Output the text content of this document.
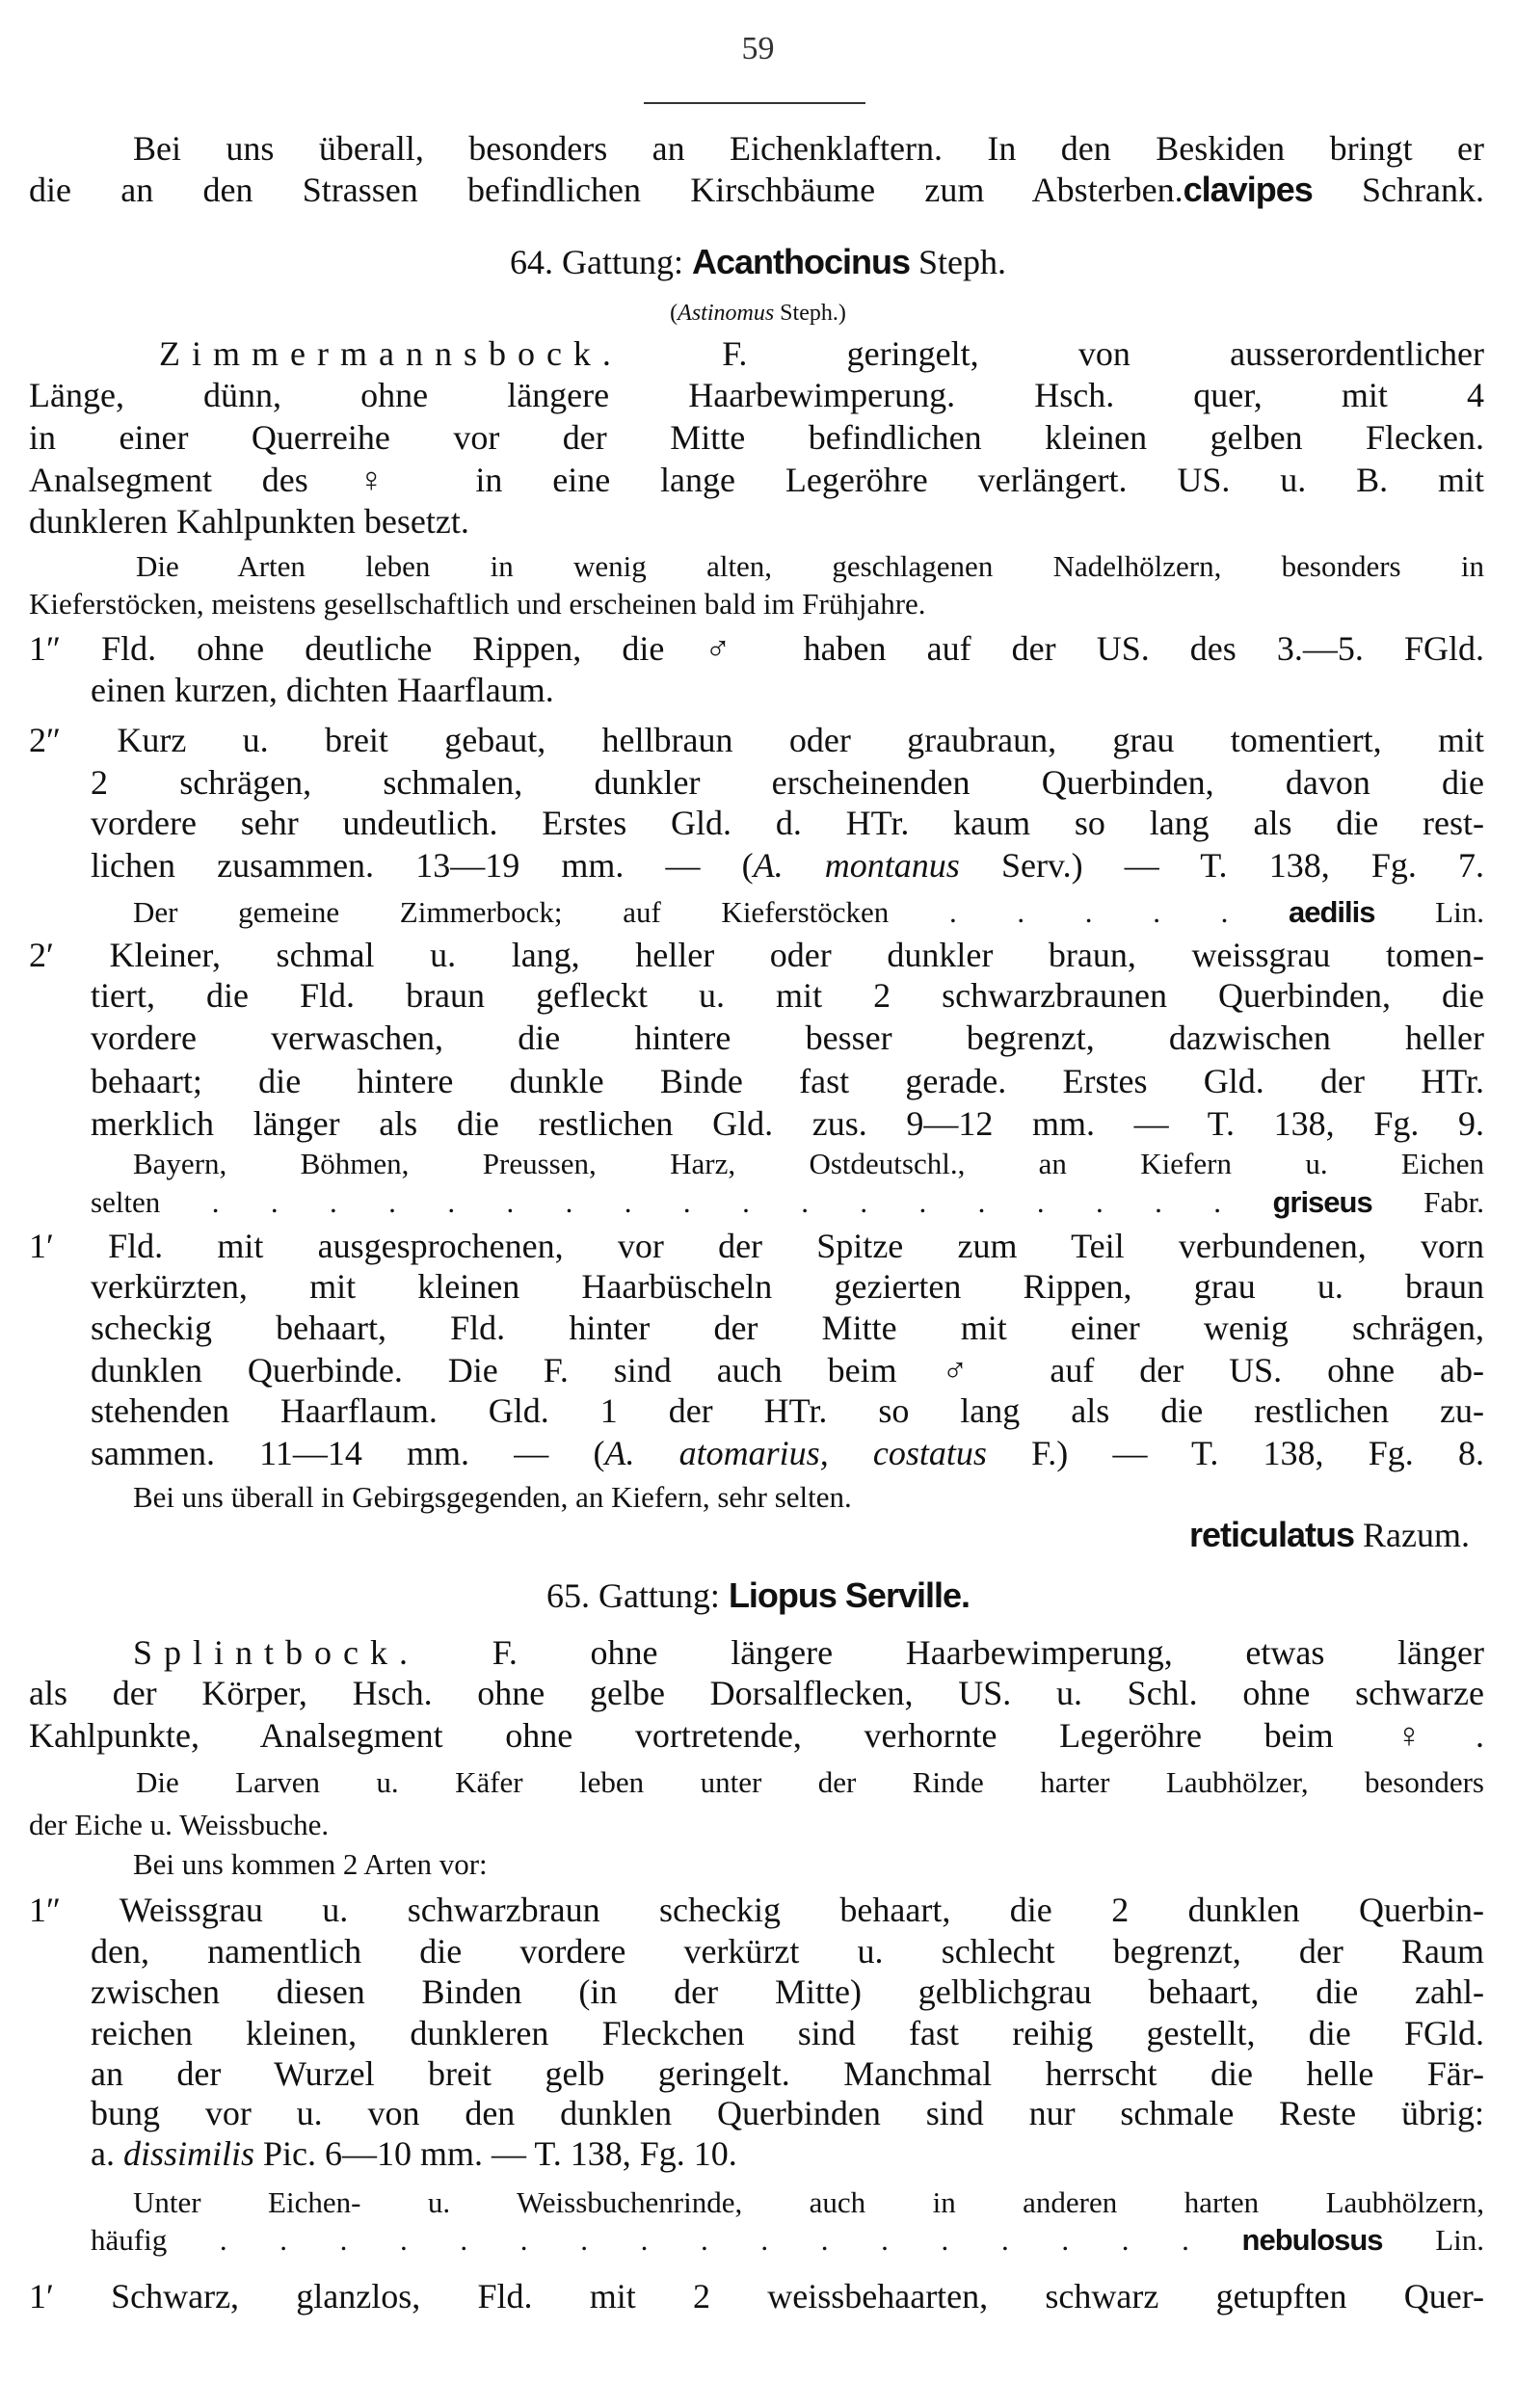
59
Bei uns überall, besonders an Eichenklaftern. In den Beskiden bringt er
die an den Strassen befindlichen Kirschbäume zum Absterben.clavipes Schrank.
64. Gattung: Acanthocinus Steph.
(Astinomus Steph.)
Zimmermannsbock. F. geringelt, von ausserordentlicher
Länge, dünn, ohne längere Haarbewimperung. Hsch. quer, mit 4
in einer Querreihe vor der Mitte befindlichen kleinen gelben Flecken.
Analsegment des ♀ in eine lange Legeröhre verlängert. US. u. B. mit
dunkleren Kahlpunkten besetzt.
Die Arten leben in wenig alten, geschlagenen Nadelhölzern, besonders in
Kieferstöcken, meistens gesellschaftlich und erscheinen bald im Frühjahre.
1″ Fld. ohne deutliche Rippen, die ♂ haben auf der US. des 3.—5. FGld.
einen kurzen, dichten Haarflaum.
2″ Kurz u. breit gebaut, hellbraun oder graubraun, grau tomentiert, mit
2 schrägen, schmalen, dunkler erscheinenden Querbinden, davon die
vordere sehr undeutlich. Erstes Gld. d. HTr. kaum so lang als die rest-
lichen zusammen. 13—19 mm. — (A. montanus Serv.) — T. 138, Fg. 7.
Der gemeine Zimmerbock; auf Kieferstöcken . . . . . aedilis Lin.
2′ Kleiner, schmal u. lang, heller oder dunkler braun, weissgrau tomen-
tiert, die Fld. braun gefleckt u. mit 2 schwarzbraunen Querbinden, die
vordere verwaschen, die hintere besser begrenzt, dazwischen heller
behaart; die hintere dunkle Binde fast gerade. Erstes Gld. der HTr.
merklich länger als die restlichen Gld. zus. 9—12 mm. — T. 138, Fg. 9.
Bayern, Böhmen, Preussen, Harz, Ostdeutschl., an Kiefern u. Eichen
selten . . . . . . . . . . . . . . . . . . griseus Fabr.
1′ Fld. mit ausgesprochenen, vor der Spitze zum Teil verbundenen, vorn
verkürzten, mit kleinen Haarbüscheln gezierten Rippen, grau u. braun
scheckig behaart, Fld. hinter der Mitte mit einer wenig schrägen,
dunklen Querbinde. Die F. sind auch beim ♂ auf der US. ohne ab-
stehenden Haarflaum. Gld. 1 der HTr. so lang als die restlichen zu-
sammen. 11—14 mm. — (A. atomarius, costatus F.) — T. 138, Fg. 8.
Bei uns überall in Gebirgsgegenden, an Kiefern, sehr selten.
reticulatus Razum.
65. Gattung: Liopus Serville.
Splintbock. F. ohne längere Haarbewimperung, etwas länger
als der Körper, Hsch. ohne gelbe Dorsalflecken, US. u. Schl. ohne schwarze
Kahlpunkte, Analsegment ohne vortretende, verhornte Legeröhre beim ♀.
Die Larven u. Käfer leben unter der Rinde harter Laubhölzer, besonders
der Eiche u. Weissbuche.
Bei uns kommen 2 Arten vor:
1″ Weissgrau u. schwarzbraun scheckig behaart, die 2 dunklen Querbin-
den, namentlich die vordere verkürzt u. schlecht begrenzt, der Raum
zwischen diesen Binden (in der Mitte) gelblichgrau behaart, die zahl-
reichen kleinen, dunkleren Fleckchen sind fast reihig gestellt, die FGld.
an der Wurzel breit gelb geringelt. Manchmal herrscht die helle Fär-
bung vor u. von den dunklen Querbinden sind nur schmale Reste übrig:
a. dissimilis Pic. 6—10 mm. — T. 138, Fg. 10.
Unter Eichen- u. Weissbuchenrinde, auch in anderen harten Laubhölzern,
häufig . . . . . . . . . . . . . . . . . nebulosus Lin.
1′ Schwarz, glanzlos, Fld. mit 2 weissbehaarten, schwarz getupften Quer-
